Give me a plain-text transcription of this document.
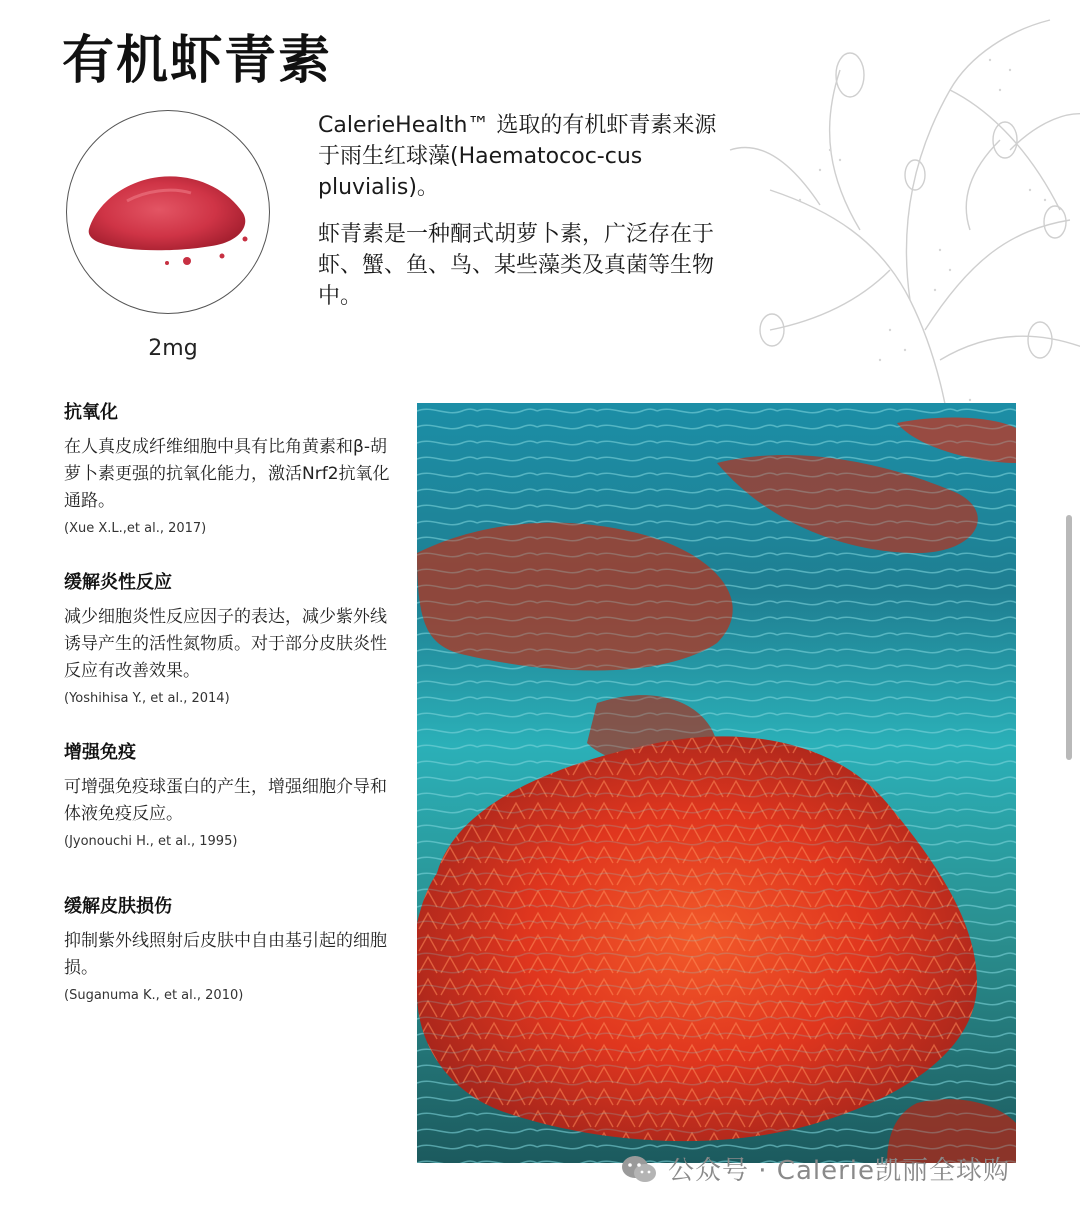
有机虾青素
2mg

CalerieHealth™ 选取的有机虾青素来源于雨生红球藻(Haematococ-cus pluvialis)。

虾青素是一种酮式胡萝卜素，广泛存在于虾、蟹、鱼、鸟、某些藻类及真菌等生物中。

抗氧化

在人真皮成纤维细胞中具有比角黄素和β-胡萝卜素更强的抗氧化能力，激活Nrf2抗氧化通路。

(Xue X.L.,et al., 2017)

缓解炎性反应

减少细胞炎性反应因子的表达，减少紫外线诱导产生的活性氮物质。对于部分皮肤炎性反应有改善效果。

(Yoshihisa Y., et al., 2014)

增强免疫

可增强免疫球蛋白的产生，增强细胞介导和体液免疫反应。

(Jyonouchi H., et al., 1995)

缓解皮肤损伤

抑制紫外线照射后皮肤中自由基引起的细胞损。

(Suganuma K., et al., 2010)

公众号 · Calerie凯丽全球购
